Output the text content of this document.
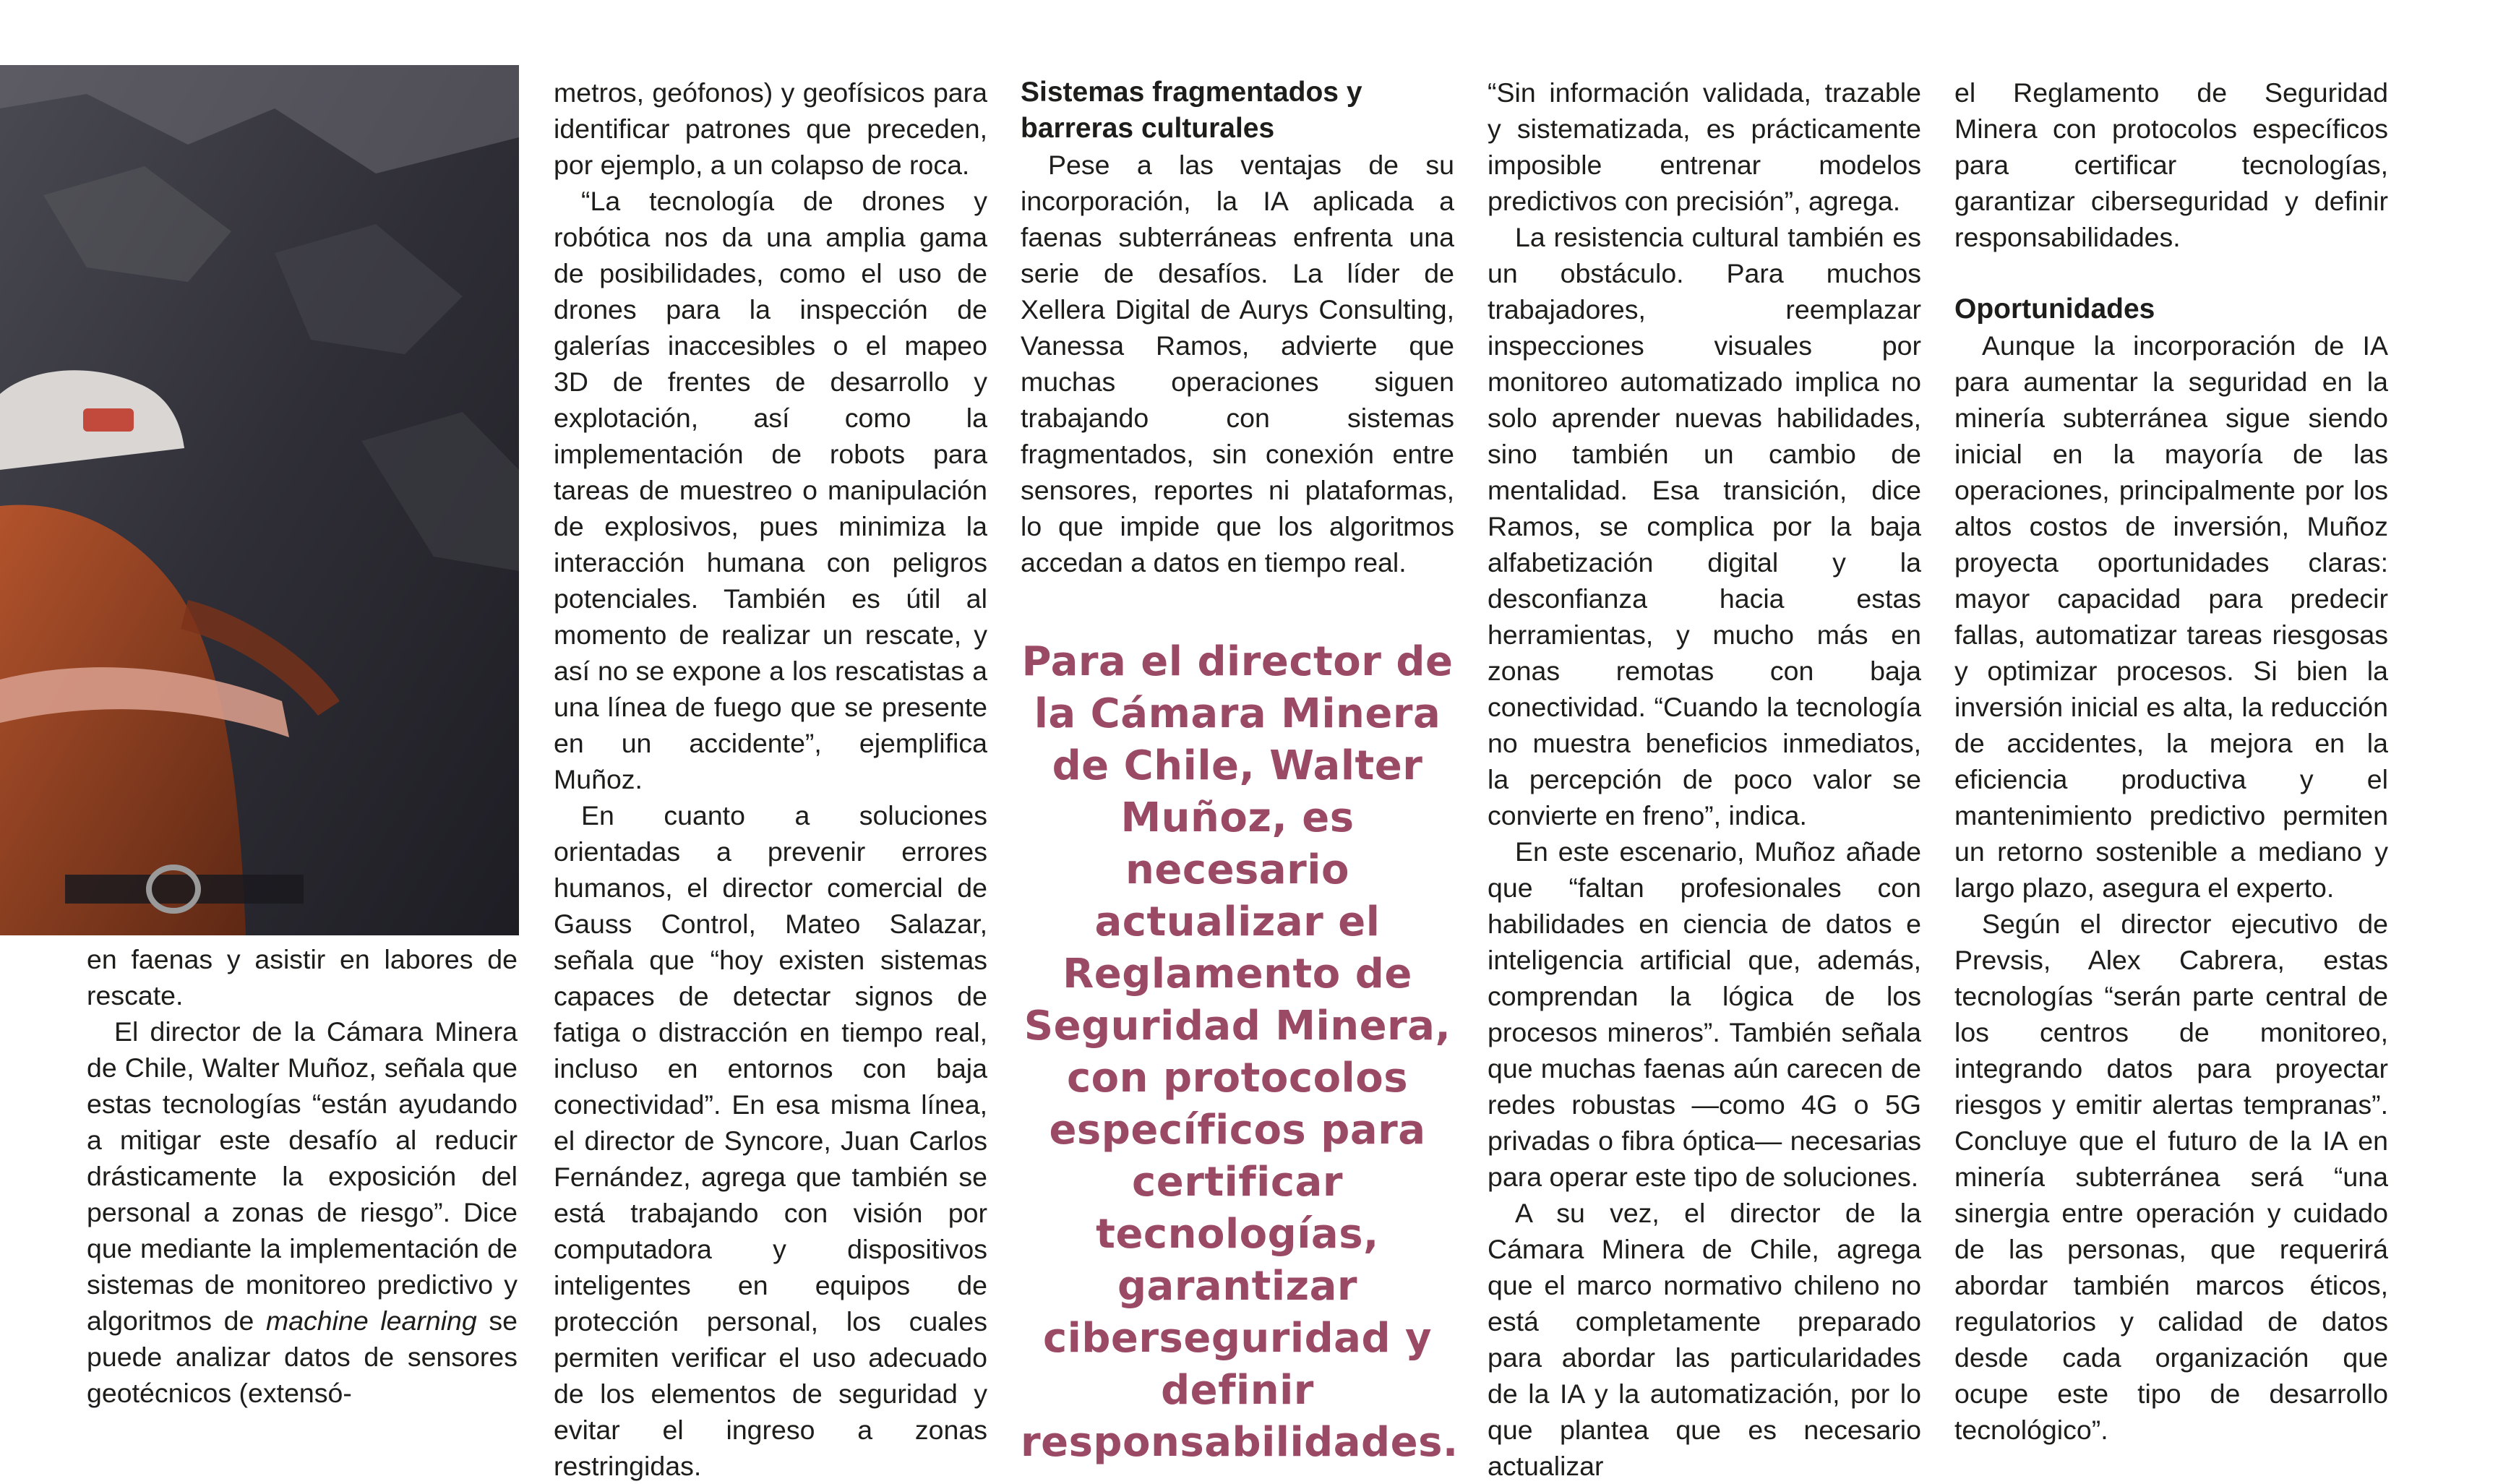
en faenas y asistir en labores de rescate.

El director de la Cámara Minera de Chile, Walter Muñoz, señala que estas tecnologías “están ayudando a mitigar este desafío al reducir drásticamente la exposición del personal a zonas de riesgo”. Dice que mediante la implementación de sistemas de monitoreo predictivo y algoritmos de machine learning se puede analizar datos de sensores geotécnicos (extensó-

metros, geófonos) y geofísicos para identificar patrones que preceden, por ejemplo, a un colapso de roca.

“La tecnología de drones y robótica nos da una amplia gama de posibilidades, como el uso de drones para la inspección de galerías inaccesibles o el mapeo 3D de frentes de desarrollo y explotación, así como la implementación de robots para tareas de muestreo o manipulación de explosivos, pues minimiza la interacción humana con peligros potenciales. También es útil al momento de realizar un rescate, y así no se expone a los rescatistas a una línea de fuego que se presente en un accidente”, ejemplifica Muñoz.

En cuanto a soluciones orientadas a prevenir errores humanos, el director comercial de Gauss Control, Mateo Salazar, señala que “hoy existen sistemas capaces de detectar signos de fatiga o distracción en tiempo real, incluso en entornos con baja conectividad”. En esa misma línea, el director de Syncore, Juan Carlos Fernández, agrega que también se está trabajando con visión por computadora y dispositivos inteligentes en equipos de protección personal, los cuales permiten verificar el uso adecuado de los elementos de seguridad y evitar el ingreso a zonas restringidas.

Sistemas fragmentados y barreras culturales

Pese a las ventajas de su incorporación, la IA aplicada a faenas subterráneas enfrenta una serie de desafíos. La líder de Xellera Digital de Aurys Consulting, Vanessa Ramos, advierte que muchas operaciones siguen trabajando con sistemas fragmentados, sin conexión entre sensores, reportes ni plataformas, lo que impide que los algoritmos accedan a datos en tiempo real.

Para el director de la Cámara Minera de Chile, Walter Muñoz, es necesario actualizar el Reglamento de Seguridad Minera, con protocolos específicos para certificar tecnologías, garantizar ciberseguridad y definir responsabilidades.

“Sin información validada, trazable y sistematizada, es prácticamente imposible entrenar modelos predictivos con precisión”, agrega.

La resistencia cultural también es un obstáculo. Para muchos trabajadores, reemplazar inspecciones visuales por monitoreo automatizado implica no solo aprender nuevas habilidades, sino también un cambio de mentalidad. Esa transición, dice Ramos, se complica por la baja alfabetización digital y la desconfianza hacia estas herramientas, y mucho más en zonas remotas con baja conectividad. “Cuando la tecnología no muestra beneficios inmediatos, la percepción de poco valor se convierte en freno”, indica.

En este escenario, Muñoz añade que “faltan profesionales con habilidades en ciencia de datos e inteligencia artificial que, además, comprendan la lógica de los procesos mineros”. También señala que muchas faenas aún carecen de redes robustas —como 4G o 5G privadas o fibra óptica— necesarias para operar este tipo de soluciones.

A su vez, el director de la Cámara Minera de Chile, agrega que el marco normativo chileno no está completamente preparado para abordar las particularidades de la IA y la automatización, por lo que plantea que es necesario actualizar

el Reglamento de Seguridad Minera con protocolos específicos para certificar tecnologías, garantizar ciberseguridad y definir responsabilidades.

Oportunidades

Aunque la incorporación de IA para aumentar la seguridad en la minería subterránea sigue siendo inicial en la mayoría de las operaciones, principalmente por los altos costos de inversión, Muñoz proyecta oportunidades claras: mayor capacidad para predecir fallas, automatizar tareas riesgosas y optimizar procesos. Si bien la inversión inicial es alta, la reducción de accidentes, la mejora en la eficiencia productiva y el mantenimiento predictivo permiten un retorno sostenible a mediano y largo plazo, asegura el experto.

Según el director ejecutivo de Prevsis, Alex Cabrera, estas tecnologías “serán parte central de los centros de monitoreo, integrando datos para proyectar riesgos y emitir alertas tempranas”. Concluye que el futuro de la IA en minería subterránea será “una sinergia entre operación y cuidado de las personas, que requerirá abordar también marcos éticos, regulatorios y calidad de datos desde cada organización que ocupe este tipo de desarrollo tecnológico”.
